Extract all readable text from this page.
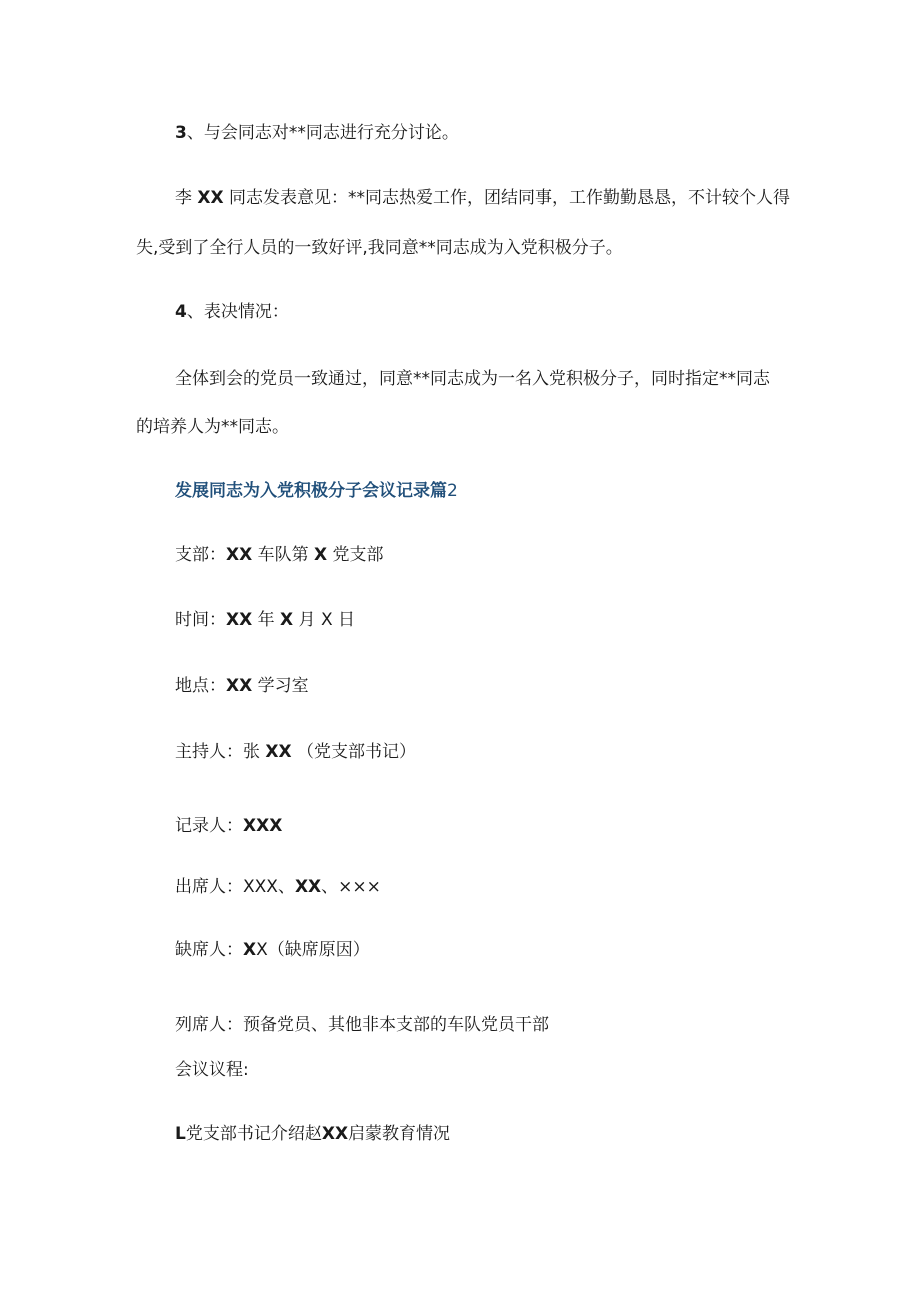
3、与会同志对**同志进行充分讨论。
李 XX 同志发表意见：**同志热爱工作，团结同事，工作勤勤恳恳，不计较个人得
失,受到了全行人员的一致好评,我同意**同志成为入党积极分子。
4、表决情况：
全体到会的党员一致通过，同意**同志成为一名入党积极分子，同时指定**同志
的培养人为**同志。
发展同志为入党积极分子会议记录篇2
支部：XX 车队第 X 党支部
时间：XX 年 X 月 X 日
地点：XX 学习室
主持人：张 XX （党支部书记）
记录人：XXX
出席人：XXX、XX、×××
缺席人：XX（缺席原因）
列席人：预备党员、其他非本支部的车队党员干部
会议议程:
L党支部书记介绍赵XX启蒙教育情况
